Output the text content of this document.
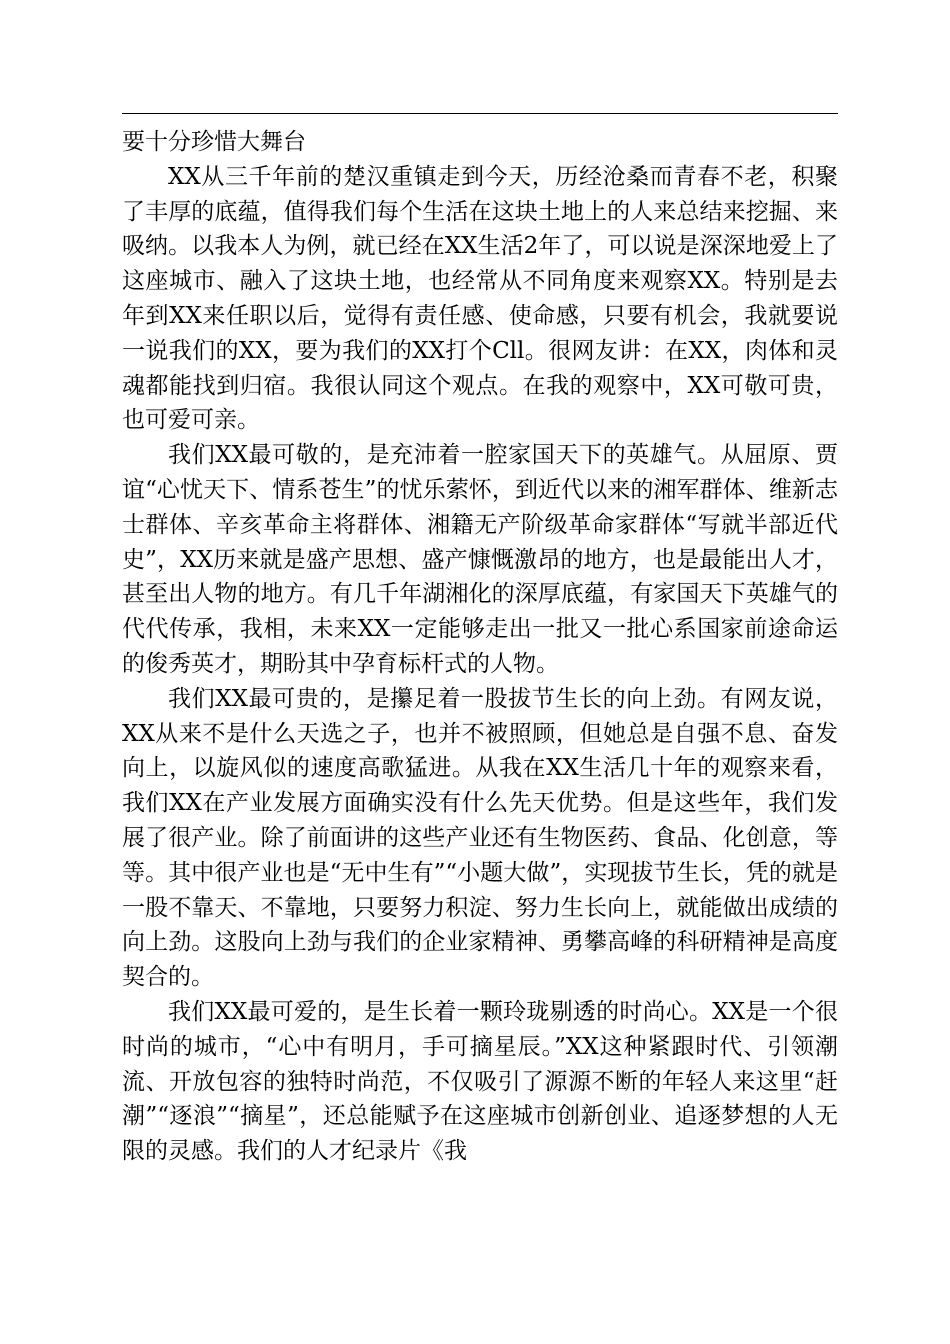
要十分珍惜大舞台

XX从三千年前的楚汉重镇走到今天，历经沧桑而青春不老，积聚了丰厚的底蕴，值得我们每个生活在这块土地上的人来总结来挖掘、来吸纳。以我本人为例，就已经在XX生活2年了，可以说是深深地爱上了这座城市、融入了这块土地，也经常从不同角度来观察XX。特别是去年到XX来任职以后，觉得有责任感、使命感，只要有机会，我就要说一说我们的XX，要为我们的XX打个Cll。很网友讲：在XX，肉体和灵魂都能找到归宿。我很认同这个观点。在我的观察中，XX可敬可贵，也可爱可亲。

我们XX最可敬的，是充沛着一腔家国天下的英雄气。从屈原、贾谊“心忧天下、情系苍生”的忧乐萦怀，到近代以来的湘军群体、维新志士群体、辛亥革命主将群体、湘籍无产阶级革命家群体“写就半部近代史”，XX历来就是盛产思想、盛产慷慨激昂的地方，也是最能出人才，甚至出人物的地方。有几千年湖湘化的深厚底蕴，有家国天下英雄气的代代传承，我相，未来XX一定能够走出一批又一批心系国家前途命运的俊秀英才，期盼其中孕育标杆式的人物。

我们XX最可贵的，是攥足着一股拔节生长的向上劲。有网友说，XX从来不是什么天选之子，也并不被照顾，但她总是自强不息、奋发向上，以旋风似的速度高歌猛进。从我在XX生活几十年的观察来看，我们XX在产业发展方面确实没有什么先天优势。但是这些年，我们发展了很产业。除了前面讲的这些产业还有生物医药、食品、化创意，等等。其中很产业也是“无中生有”“小题大做”，实现拔节生长，凭的就是一股不靠天、不靠地，只要努力积淀、努力生长向上，就能做出成绩的向上劲。这股向上劲与我们的企业家精神、勇攀高峰的科研精神是高度契合的。

我们XX最可爱的，是生长着一颗玲珑剔透的时尚心。XX是一个很时尚的城市，“心中有明月，手可摘星辰。”XX这种紧跟时代、引领潮流、开放包容的独特时尚范，不仅吸引了源源不断的年轻人来这里“赶潮”“逐浪”“摘星”，还总能赋予在这座城市创新创业、追逐梦想的人无限的灵感。我们的人才纪录片《我
